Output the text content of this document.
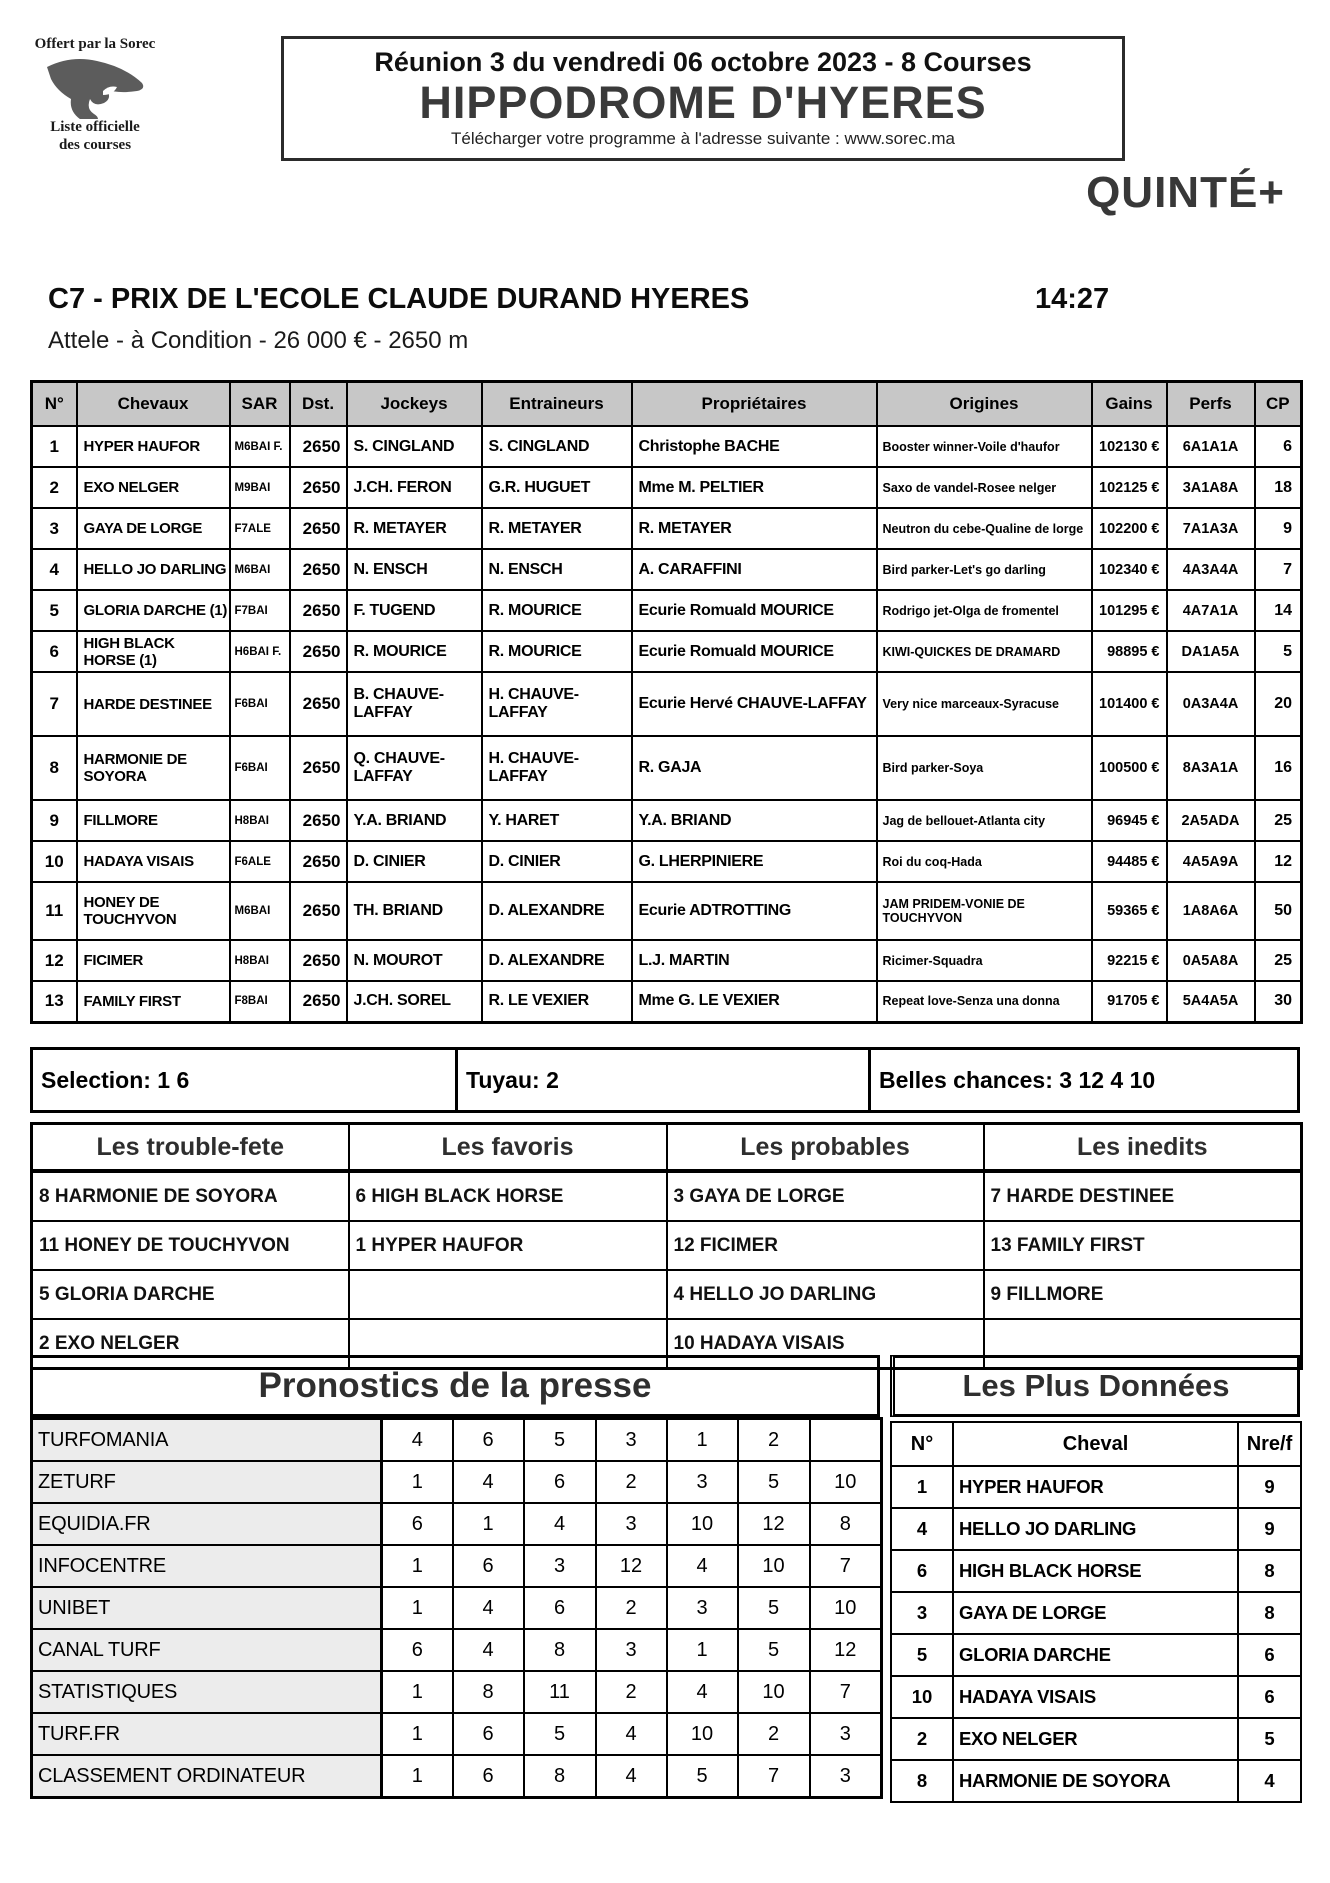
Offert par la Sorec
Liste officielle
des courses
Réunion 3 du vendredi 06 octobre 2023 - 8 Courses
HIPPODROME D'HYERES
Télécharger votre programme à l'adresse suivante : www.sorec.ma
QUINTÉ+
C7 - PRIX DE L'ECOLE CLAUDE DURAND HYERES	14:27
Attele - à Condition - 26 000 € - 2650 m
N°	Chevaux	SAR	Dst.	Jockeys	Entraineurs	Propriétaires	Origines	Gains	Perfs	CP
1	HYPER HAUFOR	M6BAI F.	2650	S. CINGLAND	S. CINGLAND	Christophe BACHE	Booster winner-Voile d'haufor	102130 €	6A1A1A	6
2	EXO NELGER	M9BAI	2650	J.CH. FERON	G.R. HUGUET	Mme M. PELTIER	Saxo de vandel-Rosee nelger	102125 €	3A1A8A	18
3	GAYA DE LORGE	F7ALE	2650	R. METAYER	R. METAYER	R. METAYER	Neutron du cebe-Qualine de lorge	102200 €	7A1A3A	9
4	HELLO JO DARLING	M6BAI	2650	N. ENSCH	N. ENSCH	A. CARAFFINI	Bird parker-Let's go darling	102340 €	4A3A4A	7
5	GLORIA DARCHE (1)	F7BAI	2650	F. TUGEND	R. MOURICE	Ecurie Romuald MOURICE	Rodrigo jet-Olga de fromentel	101295 €	4A7A1A	14
6	HIGH BLACK HORSE (1)	H6BAI F.	2650	R. MOURICE	R. MOURICE	Ecurie Romuald MOURICE	KIWI-QUICKES DE DRAMARD	98895 €	DA1A5A	5
7	HARDE DESTINEE	F6BAI	2650	B. CHAUVE-LAFFAY	H. CHAUVE-LAFFAY	Ecurie Hervé CHAUVE-LAFFAY	Very nice marceaux-Syracuse	101400 €	0A3A4A	20
8	HARMONIE DE SOYORA	F6BAI	2650	Q. CHAUVE-LAFFAY	H. CHAUVE-LAFFAY	R. GAJA	Bird parker-Soya	100500 €	8A3A1A	16
9	FILLMORE	H8BAI	2650	Y.A. BRIAND	Y. HARET	Y.A. BRIAND	Jag de bellouet-Atlanta city	96945 €	2A5ADA	25
10	HADAYA VISAIS	F6ALE	2650	D. CINIER	D. CINIER	G. LHERPINIERE	Roi du coq-Hada	94485 €	4A5A9A	12
11	HONEY DE TOUCHYVON	M6BAI	2650	TH. BRIAND	D. ALEXANDRE	Ecurie ADTROTTING	JAM PRIDEM-VONIE DE TOUCHYVON	59365 €	1A8A6A	50
12	FICIMER	H8BAI	2650	N. MOUROT	D. ALEXANDRE	L.J. MARTIN	Ricimer-Squadra	92215 €	0A5A8A	25
13	FAMILY FIRST	F8BAI	2650	J.CH. SOREL	R. LE VEXIER	Mme G. LE VEXIER	Repeat love-Senza una donna	91705 €	5A4A5A	30
Selection: 1 6	Tuyau: 2	Belles chances: 3 12 4 10
Les trouble-fete	Les favoris	Les probables	Les inedits
8 HARMONIE DE SOYORA	6 HIGH BLACK HORSE	3 GAYA DE LORGE	7 HARDE DESTINEE
11 HONEY DE TOUCHYVON	1 HYPER HAUFOR	12 FICIMER	13 FAMILY FIRST
5 GLORIA DARCHE		4 HELLO JO DARLING	9 FILLMORE
2 EXO NELGER		10 HADAYA VISAIS	
Pronostics de la presse
TURFOMANIA	4	6	5	3	1	2	
ZETURF	1	4	6	2	3	5	10
EQUIDIA.FR	6	1	4	3	10	12	8
INFOCENTRE	1	6	3	12	4	10	7
UNIBET	1	4	6	2	3	5	10
CANAL TURF	6	4	8	3	1	5	12
STATISTIQUES	1	8	11	2	4	10	7
TURF.FR	1	6	5	4	10	2	3
CLASSEMENT ORDINATEUR	1	6	8	4	5	7	3
Les Plus Données
N°	Cheval	Nre/f
1	HYPER HAUFOR	9
4	HELLO JO DARLING	9
6	HIGH BLACK HORSE	8
3	GAYA DE LORGE	8
5	GLORIA DARCHE	6
10	HADAYA VISAIS	6
2	EXO NELGER	5
8	HARMONIE DE SOYORA	4
